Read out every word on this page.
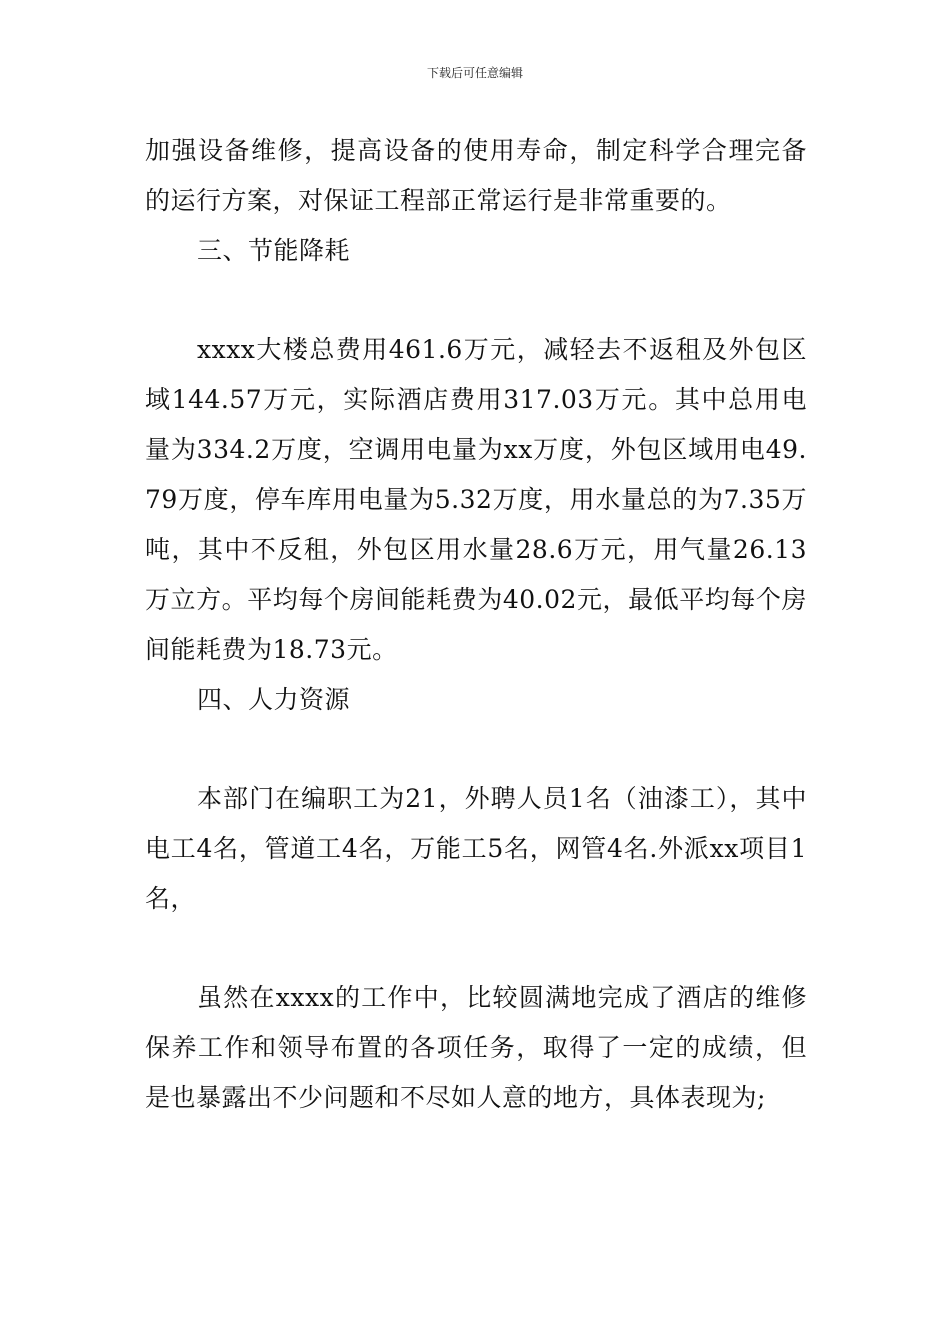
下载后可任意编辑

加强设备维修，提高设备的使用寿命，制定科学合理完备的运行方案，对保证工程部正常运行是非常重要的。

三、节能降耗

xxxx大楼总费用461.6万元，减轻去不返租及外包区域144.57万元，实际酒店费用317.03万元。其中总用电量为334.2万度，空调用电量为xx万度，外包区域用电49.79万度，停车库用电量为5.32万度，用水量总的为7.35万吨，其中不反租，外包区用水量28.6万元，用气量26.13万立方。平均每个房间能耗费为40.02元，最低平均每个房间能耗费为18.73元。

四、人力资源

本部门在编职工为21，外聘人员1名（油漆工），其中电工4名，管道工4名，万能工5名，网管4名.外派xx项目1名，

虽然在xxxx的工作中，比较圆满地完成了酒店的维修保养工作和领导布置的各项任务，取得了一定的成绩，但是也暴露出不少问题和不尽如人意的地方，具体表现为;
